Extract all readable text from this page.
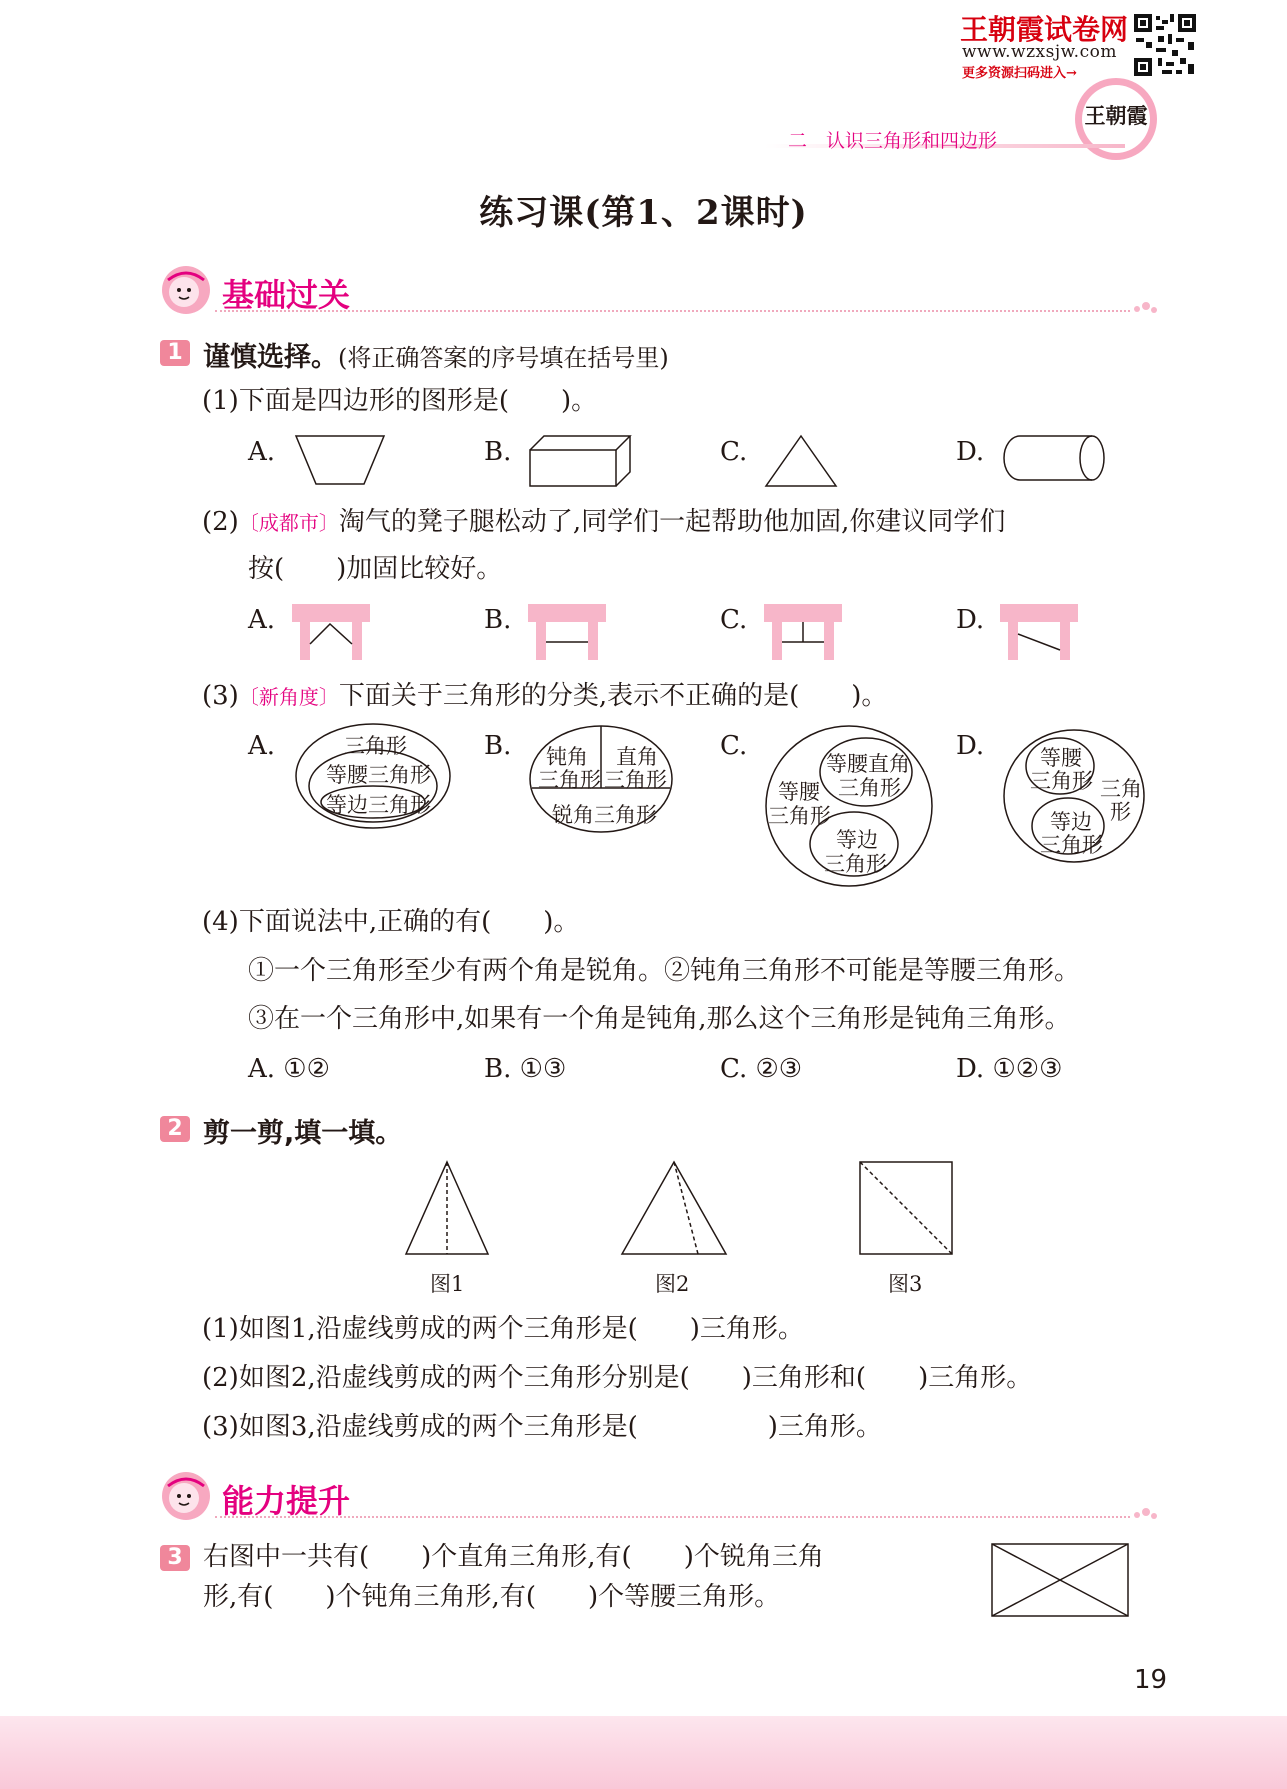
王朝霞试卷网
www.wzxsjw.com
更多资源扫码进入→
王朝霞
二　认识三角形和四边形
练习课(第1、2课时)
基础过关
1 谨慎选择。(将正确答案的序号填在括号里)
(1)下面是四边形的图形是(　　)。
A.	B.	C.	D.
(2)〔成都市〕淘气的凳子腿松动了,同学们一起帮助他加固,你建议同学们
按(　　)加固比较好。
A.	B.	C.	D.
(3)〔新角度〕下面关于三角形的分类,表示不正确的是(　　)。
A.	三角形
等腰三角形
等边三角形
B. 钝角
三角形
直角
三角形
锐角三角形
C.
等腰直角
三角形
等腰
三角形
等边
三角形
D.	等腰
三角形 三角
形
等边
三角形
(4)下面说法中,正确的有(　　)。
①一个三角形至少有两个角是锐角。②钝角三角形不可能是等腰三角形。
③在一个三角形中,如果有一个角是钝角,那么这个三角形是钝角三角形。
A. ①②	B. ①③	C. ②③	D. ①②③
2 剪一剪,填一填。
图1	图2	图3
(1)如图1,沿虚线剪成的两个三角形是(　　)三角形。
(2)如图2,沿虚线剪成的两个三角形分别是(　　)三角形和(　　)三角形。
(3)如图3,沿虚线剪成的两个三角形是(　　　　　)三角形。
能力提升
3 右图中一共有(　　)个直角三角形,有(　　)个锐角三角
形,有(　　)个钝角三角形,有(　　)个等腰三角形。
19
